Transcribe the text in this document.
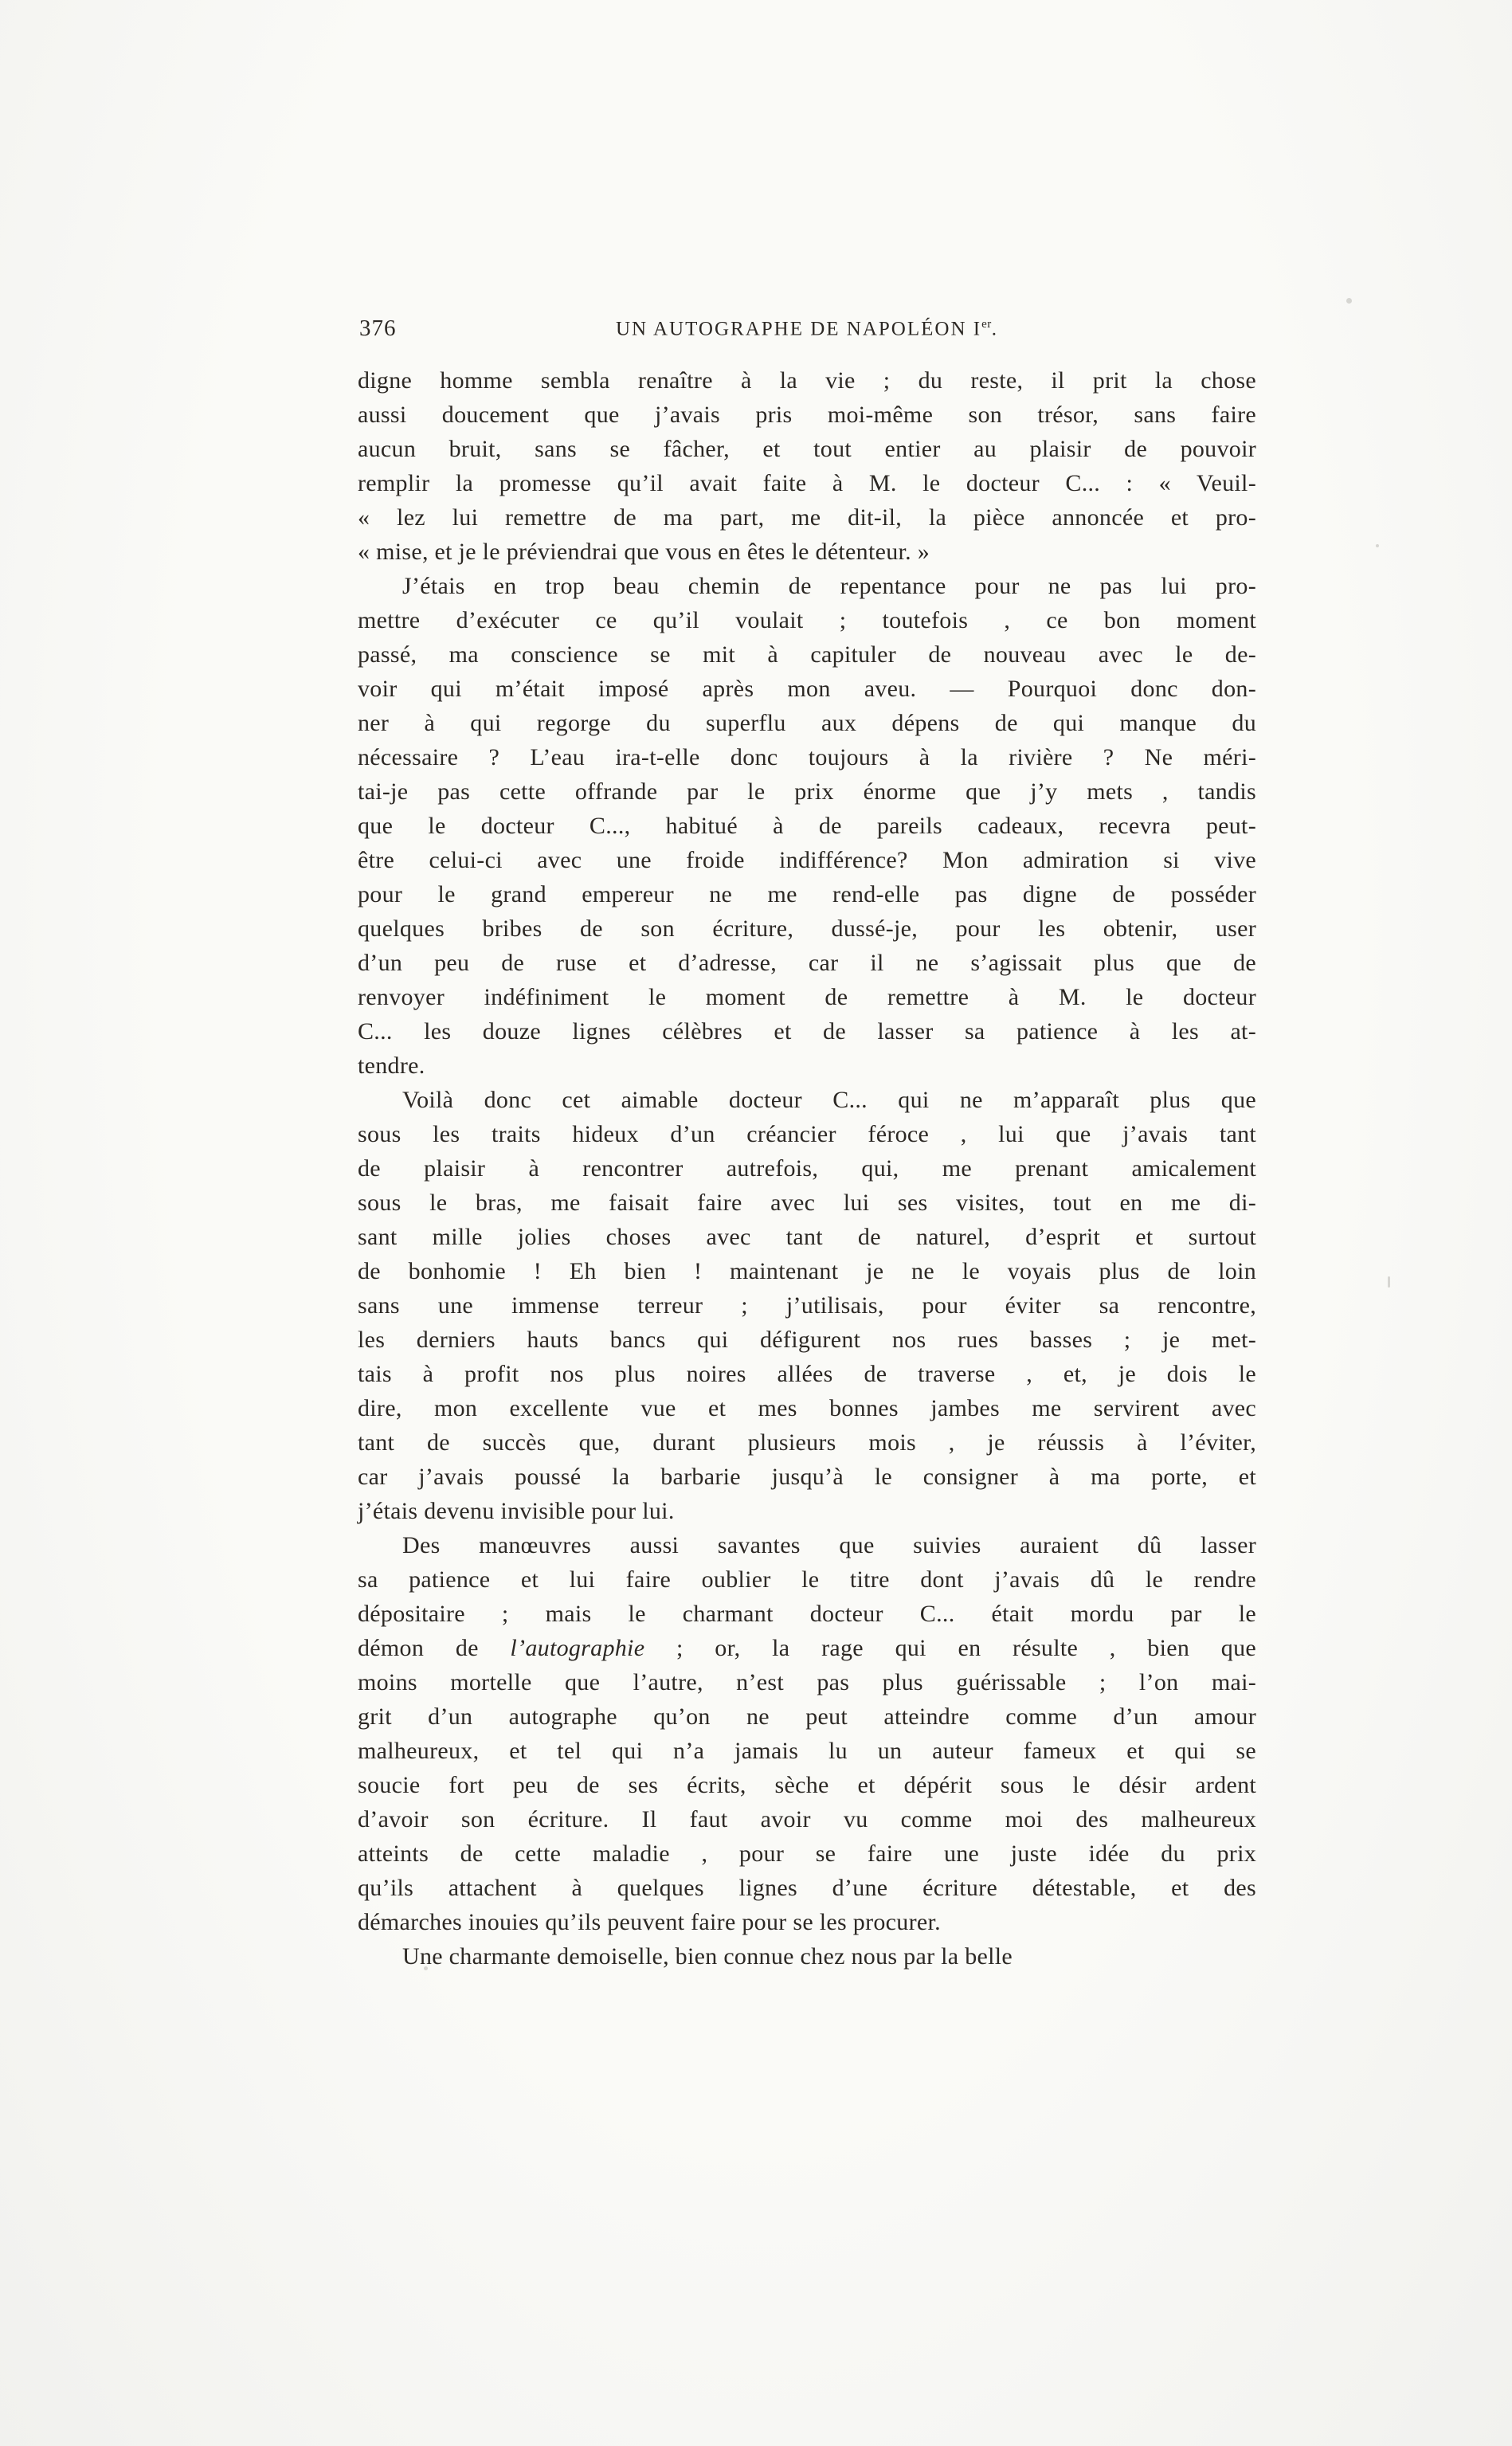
376	UN AUTOGRAPHE DE NAPOLÉON Ier.

digne homme sembla renaître à la vie ; du reste, il prit la chose
aussi doucement que j’avais pris moi-même son trésor, sans faire
aucun bruit, sans se fâcher, et tout entier au plaisir de pouvoir
remplir la promesse qu’il avait faite à M. le docteur C... : « Veuil-
« lez lui remettre de ma part, me dit-il, la pièce annoncée et pro-
« mise, et je le préviendrai que vous en êtes le détenteur. »

J’étais en trop beau chemin de repentance pour ne pas lui pro-
mettre d’exécuter ce qu’il voulait ; toutefois , ce bon moment
passé, ma conscience se mit à capituler de nouveau avec le de-
voir qui m’était imposé après mon aveu. — Pourquoi donc don-
ner à qui regorge du superflu aux dépens de qui manque du
nécessaire ? L’eau ira-t-elle donc toujours à la rivière ? Ne méri-
tai-je pas cette offrande par le prix énorme que j’y mets , tandis
que le docteur C..., habitué à de pareils cadeaux, recevra peut-
être celui-ci avec une froide indifférence? Mon admiration si vive
pour le grand empereur ne me rend-elle pas digne de posséder
quelques bribes de son écriture, dussé-je, pour les obtenir, user
d’un peu de ruse et d’adresse, car il ne s’agissait plus que de
renvoyer indéfiniment le moment de remettre à M. le docteur
C... les douze lignes célèbres et de lasser sa patience à les at-
tendre.

Voilà donc cet aimable docteur C... qui ne m’apparaît plus que
sous les traits hideux d’un créancier féroce , lui que j’avais tant
de plaisir à rencontrer autrefois, qui, me prenant amicalement
sous le bras, me faisait faire avec lui ses visites, tout en me di-
sant mille jolies choses avec tant de naturel, d’esprit et surtout
de bonhomie ! Eh bien ! maintenant je ne le voyais plus de loin
sans une immense terreur ; j’utilisais, pour éviter sa rencontre,
les derniers hauts bancs qui défigurent nos rues basses ; je met-
tais à profit nos plus noires allées de traverse , et, je dois le
dire, mon excellente vue et mes bonnes jambes me servirent avec
tant de succès que, durant plusieurs mois , je réussis à l’éviter,
car j’avais poussé la barbarie jusqu’à le consigner à ma porte, et
j’étais devenu invisible pour lui.

Des manœuvres aussi savantes que suivies auraient dû lasser
sa patience et lui faire oublier le titre dont j’avais dû le rendre
dépositaire ; mais le charmant docteur C... était mordu par le
démon de l’autographie ; or, la rage qui en résulte , bien que
moins mortelle que l’autre, n’est pas plus guérissable ; l’on mai-
grit d’un autographe qu’on ne peut atteindre comme d’un amour
malheureux, et tel qui n’a jamais lu un auteur fameux et qui se
soucie fort peu de ses écrits, sèche et dépérit sous le désir ardent
d’avoir son écriture. Il faut avoir vu comme moi des malheureux
atteints de cette maladie , pour se faire une juste idée du prix
qu’ils attachent à quelques lignes d’une écriture détestable, et des
démarches inouies qu’ils peuvent faire pour se les procurer.

Une charmante demoiselle, bien connue chez nous par la belle
